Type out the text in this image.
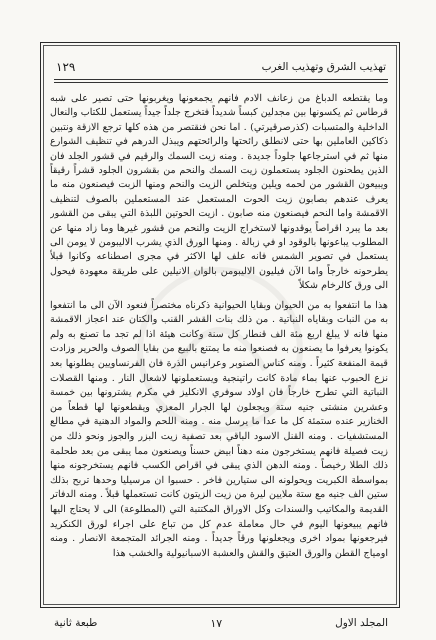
تهذيب الشرق وتهذيب الغرب
١٢٩

وما يقتطعه الدباغ من زعانف الادم فانهم يجمعونها ويغربونها حتى تصير على شبه قرطاس ثم يكسونها بين مجدلين كبساً شديداً فتخرج جلداً جيداً يستعمل للكتاب والنعال الداخلية والمتسبات (كذرصرقيرتي) . اما نحن فنقتصر من هذه كلها ترجع الازقة ونتبين ذكاكين العاملين بها حتى لانطلق رائحتها والرائحتهم ويبذل الدرهم في تنظيف الشوارع منها ثم في استرجاعها جلوداً جديدة . ومنه زيت السمك والرقيم في قشور الجلد فان الذين يطحنون الجلود يستعملون زيت السمك والنحم من بقشرون الجلود قشراً رقيقاً ويبيعون القشور من لحمه ويلين ويتخلص الزيت والنحم ومنها الزبت فيصنعون منه ما يعرف عندهم بصابون زيت الحوت المستعمل عند المستعملين بالصوف لتنظيف الاقمشة واما النحم فيصنعون منه صابون . ازيت الحوتين اللبذة التي يبقى من القشور بعد ما يبرد اقراصاً يوقدونها لاستخراج الزيت والنحم من قشور غيرها وما زاد منها عن المطلوب يباعونها بالوقود او في زبالة . ومنها الورق الذي يشرب الاليبومن لا يومن الى يستعمل في تصوير الشمس فانه علف لها الاكثر في مجرى اصطناعه وكانوا قبلاً يطرحونه خارجاً واما الآن فيليون الاليبومن بالوان الانيلين على طريقة معهودة فيحول الى ورق كالرخام شكلاً

هذا ما انتفعوا به من الحيوان وبقايا الحيوانية ذكرناه مختصراً فنعود الآن الى ما انتفعوا به من النبات وبقاياه النباتية . من ذلك بنات القشر القنب والكتان عند اعجاز الاقمشة منها فانه لا يبلغ اربع مئة الف قنطار كل سنة وكانت هيئة اذا لم تجد ما تصنع به ولم يكونوا يعرفوا ما يصنعون به فصنعوا منه ما يمتنع بالبيع من بقايا الصوف والحرير وزادت قيمة المنفعة كثيراً . ومنه كناس الصنوبر وعرانيس الذرة فان الفرنساويين يطلونها بعد نزع الحبوب عنها بماء مادة كانت راتينجية ويستعملونها لاشعال النار . ومنها القصلات النباتية التي تطرح خارجاً فان اولاد سوفري الانكليز في مكرم يشترونها بين خمسة وعشرين منشتى جنيه ستة ويجعلون لها الجرار المعزي ويقطعونها لها قطعاً من الخنازير عنده ستمئة كل ما عدا ما يرسل منه . ومنه اللحم والمواد الدهنية في مطالع المستشفيات . ومنه القنل الاسود الباقي بعد تصفية زيت البزر والجوز ونحو ذلك من زيت فصيلة فانهم يستخرجون منه دهناً ابيض حسناً ويصنعون مما يبقى من بعد طحلمة ذلك الطلا رخيصاً . ومنه الدهن الذي يبقى في اقراص الكسب فانهم يستخرجونه منها بمواسطة الكبريت ويحولونه الى ستيارين فاخر . حسبوا ان مرسيليا وحدها تربح بذلك ستين الف جنيه مع ستة ملايين ليرة من زيت الزيتون كانت تستعملها قبلاً . ومنه الدفاتر القديمة والمكاتيب والسندات وكل الاوراق المكتتبة التي (المطلوعة) الى لا يحتاج اليها فانهم يبيعونها اليوم في حال معاملة عدم كل من تباع على اجراء لورق الكنكريد فيرجعونها بمواد اخرى ويجعلونها ورقاً جديداً . ومنه الجرائد المتجمعة الانصار . ومنه اومياج القطن والورق العتيق والقش والعشبة الاسبانيولية والخشب هذا

المجلد الاول
١٧
طبعة ثانية
